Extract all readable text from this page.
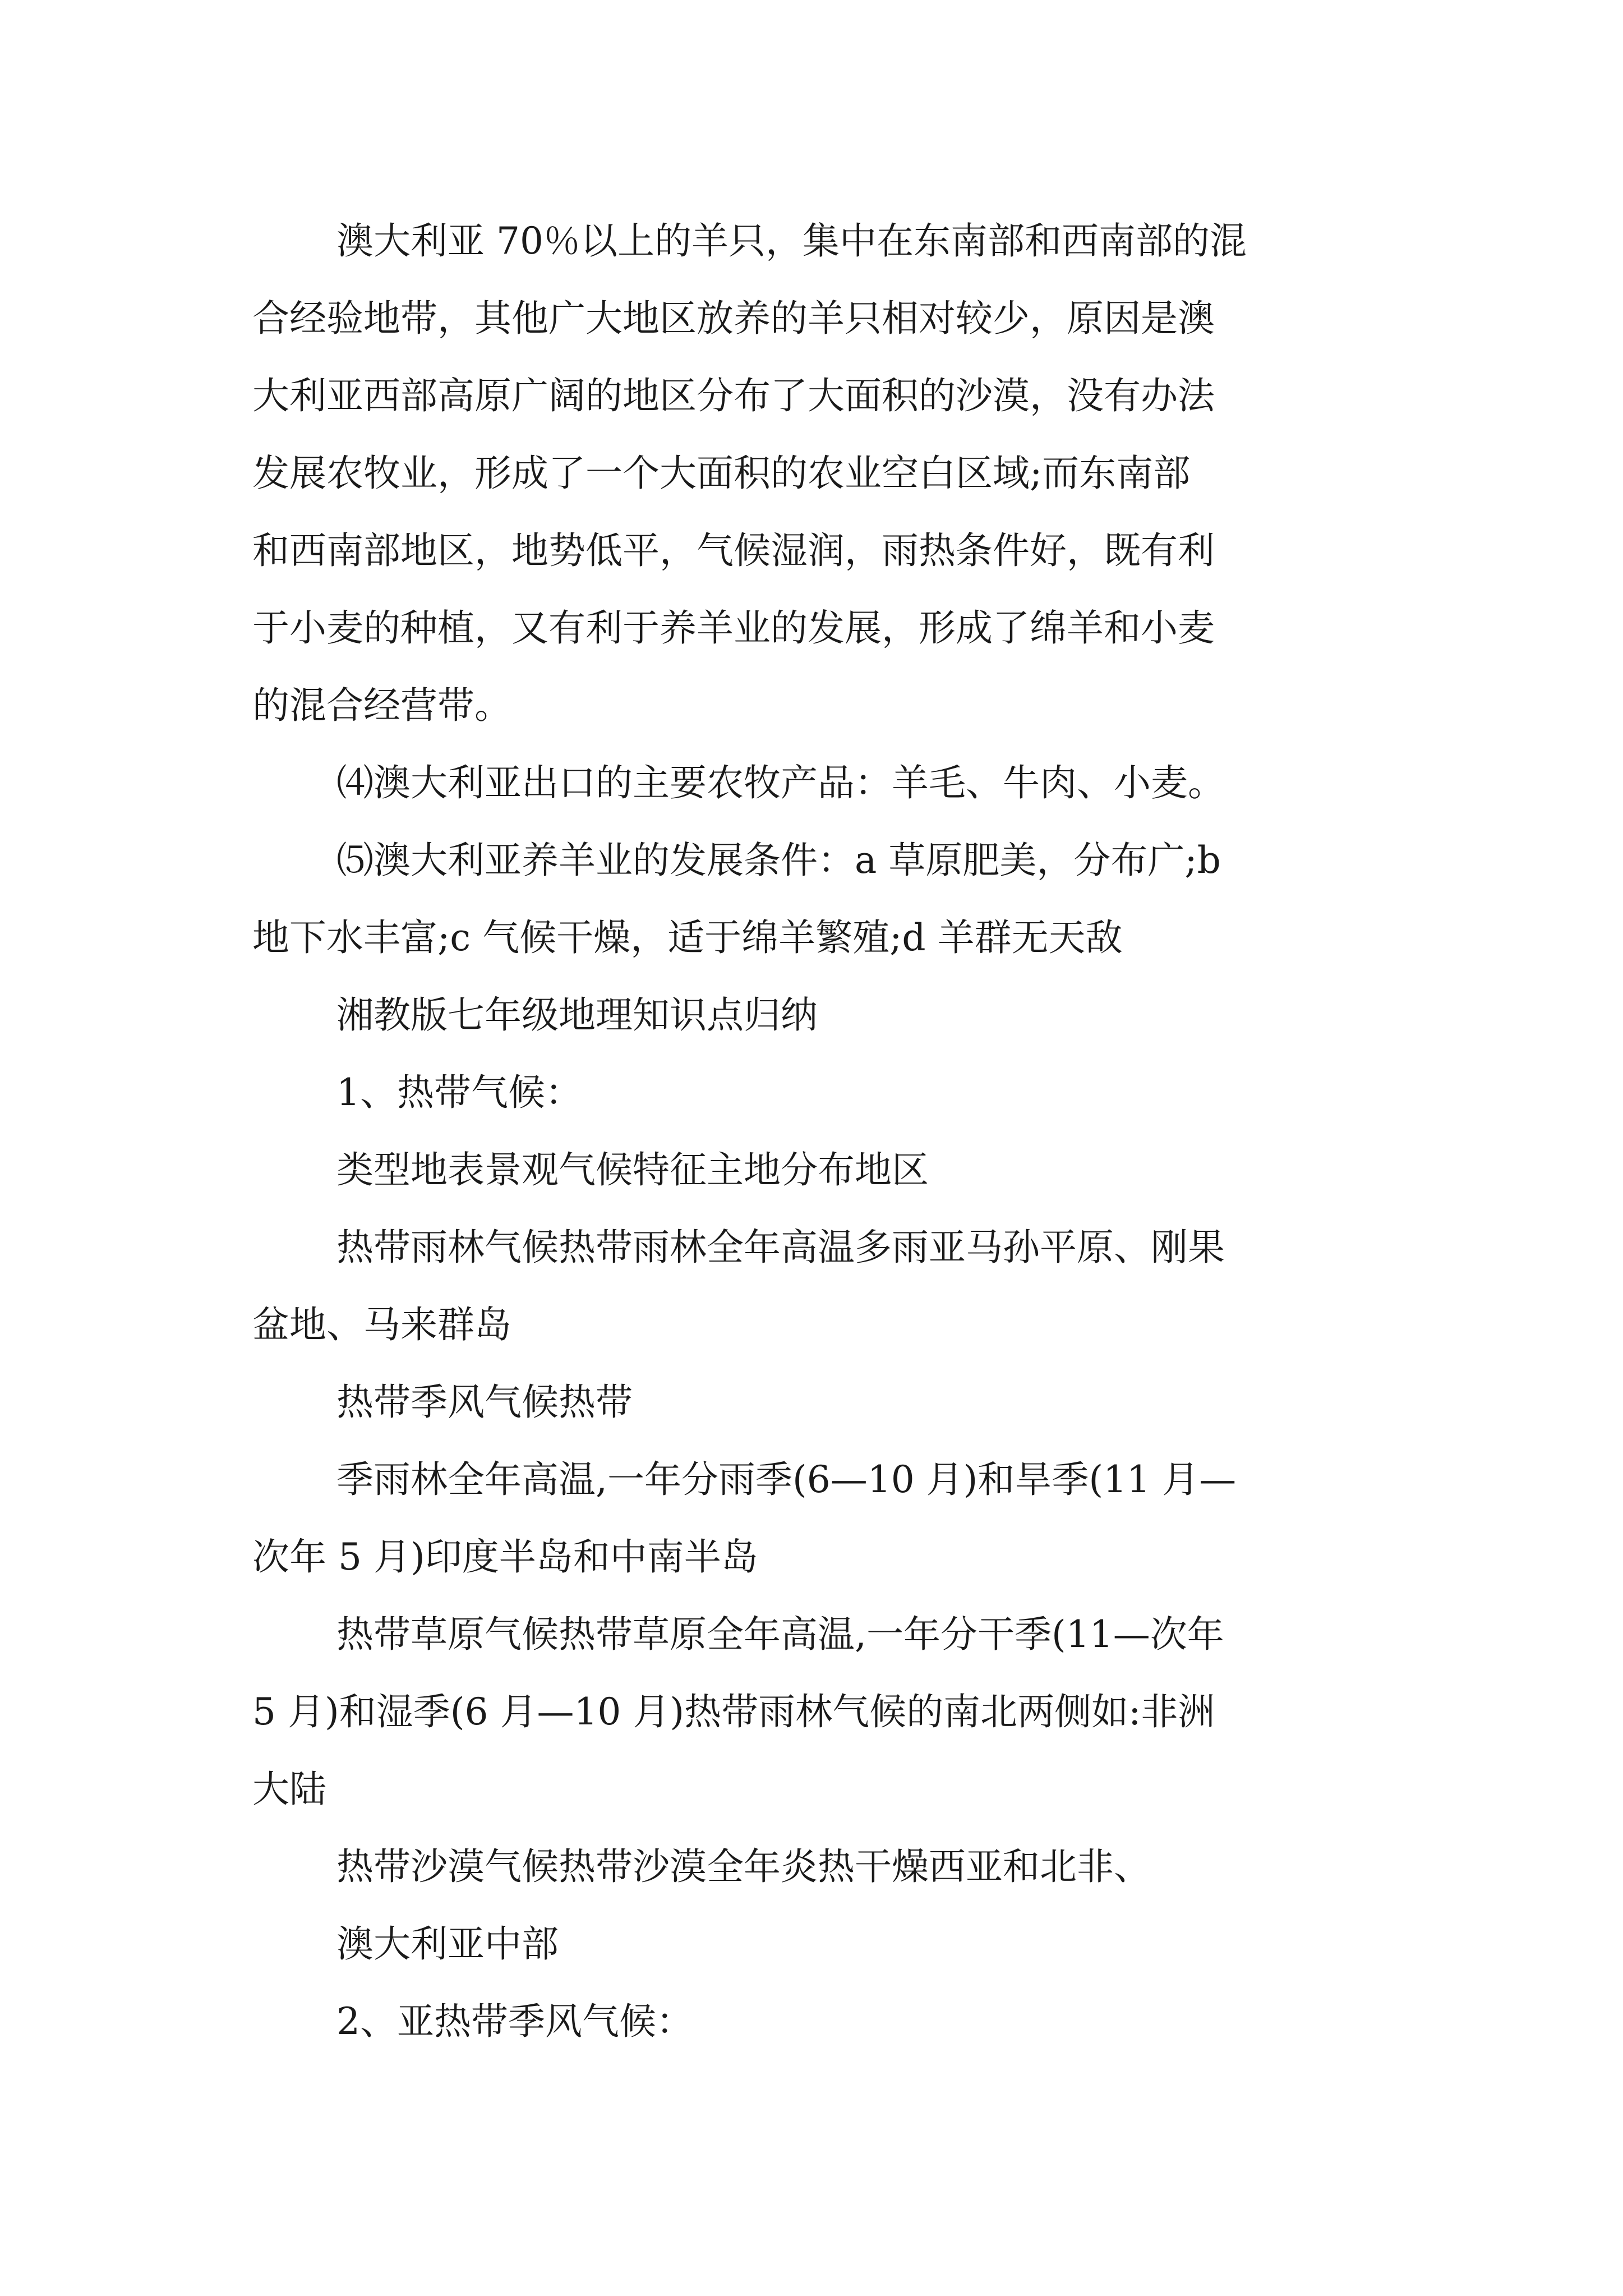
澳大利亚 70％以上的羊只，集中在东南部和西南部的混
合经验地带，其他广大地区放养的羊只相对较少，原因是澳
大利亚西部高原广阔的地区分布了大面积的沙漠，没有办法
发展农牧业，形成了一个大面积的农业空白区域;而东南部
和西南部地区，地势低平，气候湿润，雨热条件好，既有利
于小麦的种植，又有利于养羊业的发展，形成了绵羊和小麦
的混合经营带。
⑷澳大利亚出口的主要农牧产品：羊毛、牛肉、小麦。
⑸澳大利亚养羊业的发展条件：a 草原肥美，分布广;b
地下水丰富;c 气候干燥，适于绵羊繁殖;d 羊群无天敌
湘教版七年级地理知识点归纳
1、热带气候：
类型地表景观气候特征主地分布地区
热带雨林气候热带雨林全年高温多雨亚马孙平原、刚果
盆地、马来群岛
热带季风气候热带
季雨林全年高温,一年分雨季(6—10 月)和旱季(11 月—
次年 5 月)印度半岛和中南半岛
热带草原气候热带草原全年高温,一年分干季(11—次年
5 月)和湿季(6 月—10 月)热带雨林气候的南北两侧如:非洲
大陆
热带沙漠气候热带沙漠全年炎热干燥西亚和北非、
澳大利亚中部
2、亚热带季风气候：
